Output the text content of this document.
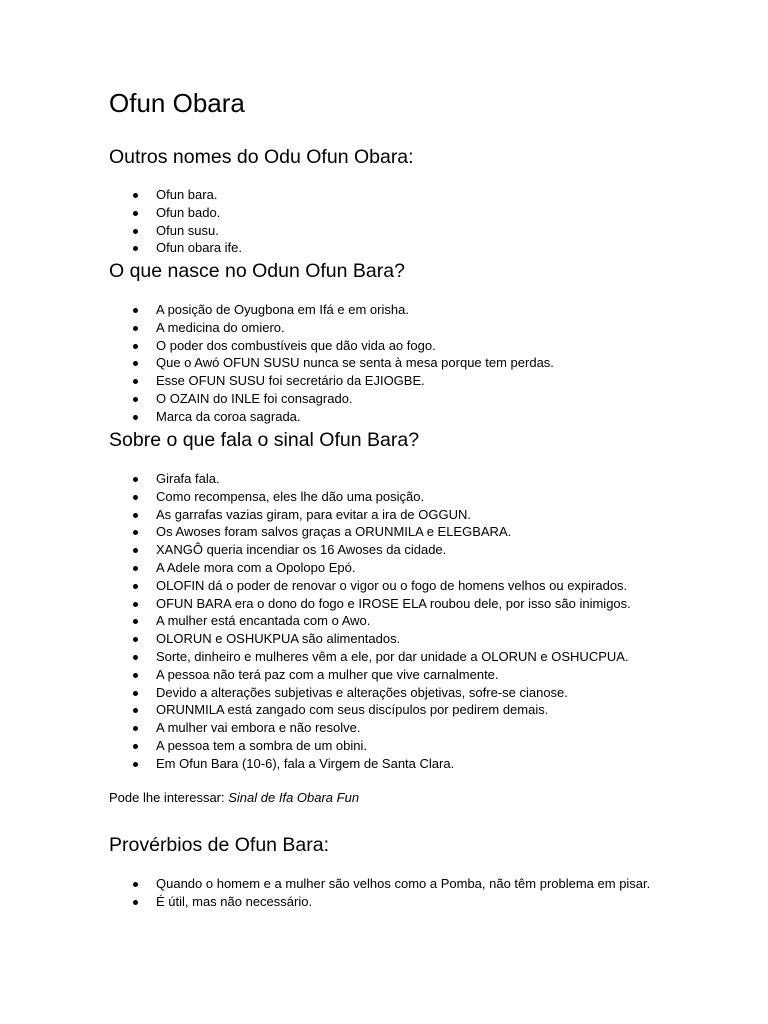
Ofun Obara
Outros nomes do Odu Ofun Obara:
Ofun bara.
Ofun bado.
Ofun susu.
Ofun obara ife.
O que nasce no Odun Ofun Bara?
A posição de Oyugbona em Ifá e em orisha.
A medicina do omiero.
O poder dos combustíveis que dão vida ao fogo.
Que o Awó OFUN SUSU nunca se senta à mesa porque tem perdas.
Esse OFUN SUSU foi secretário da EJIOGBE.
O OZAIN do INLE foi consagrado.
Marca da coroa sagrada.
Sobre o que fala o sinal Ofun Bara?
Girafa fala.
Como recompensa, eles lhe dão uma posição.
As garrafas vazias giram, para evitar a ira de OGGUN.
Os Awoses foram salvos graças a ORUNMILA e ELEGBARA.
XANGÔ queria incendiar os 16 Awoses da cidade.
A Adele mora com a Opolopo Epó.
OLOFIN dá o poder de renovar o vigor ou o fogo de homens velhos ou expirados.
OFUN BARA era o dono do fogo e IROSE ELA roubou dele, por isso são inimigos.
A mulher está encantada com o Awo.
OLORUN e OSHUKPUA são alimentados.
Sorte, dinheiro e mulheres vêm a ele, por dar unidade a OLORUN e OSHUCPUA.
A pessoa não terá paz com a mulher que vive carnalmente.
Devido a alterações subjetivas e alterações objetivas, sofre-se cianose.
ORUNMILA está zangado com seus discípulos por pedirem demais.
A mulher vai embora e não resolve.
A pessoa tem a sombra de um obini.
Em Ofun Bara (10-6), fala a Virgem de Santa Clara.
Pode lhe interessar: Sinal de Ifa Obara Fun
Provérbios de Ofun Bara:
Quando o homem e a mulher são velhos como a Pomba, não têm problema em pisar.
É útil, mas não necessário.
